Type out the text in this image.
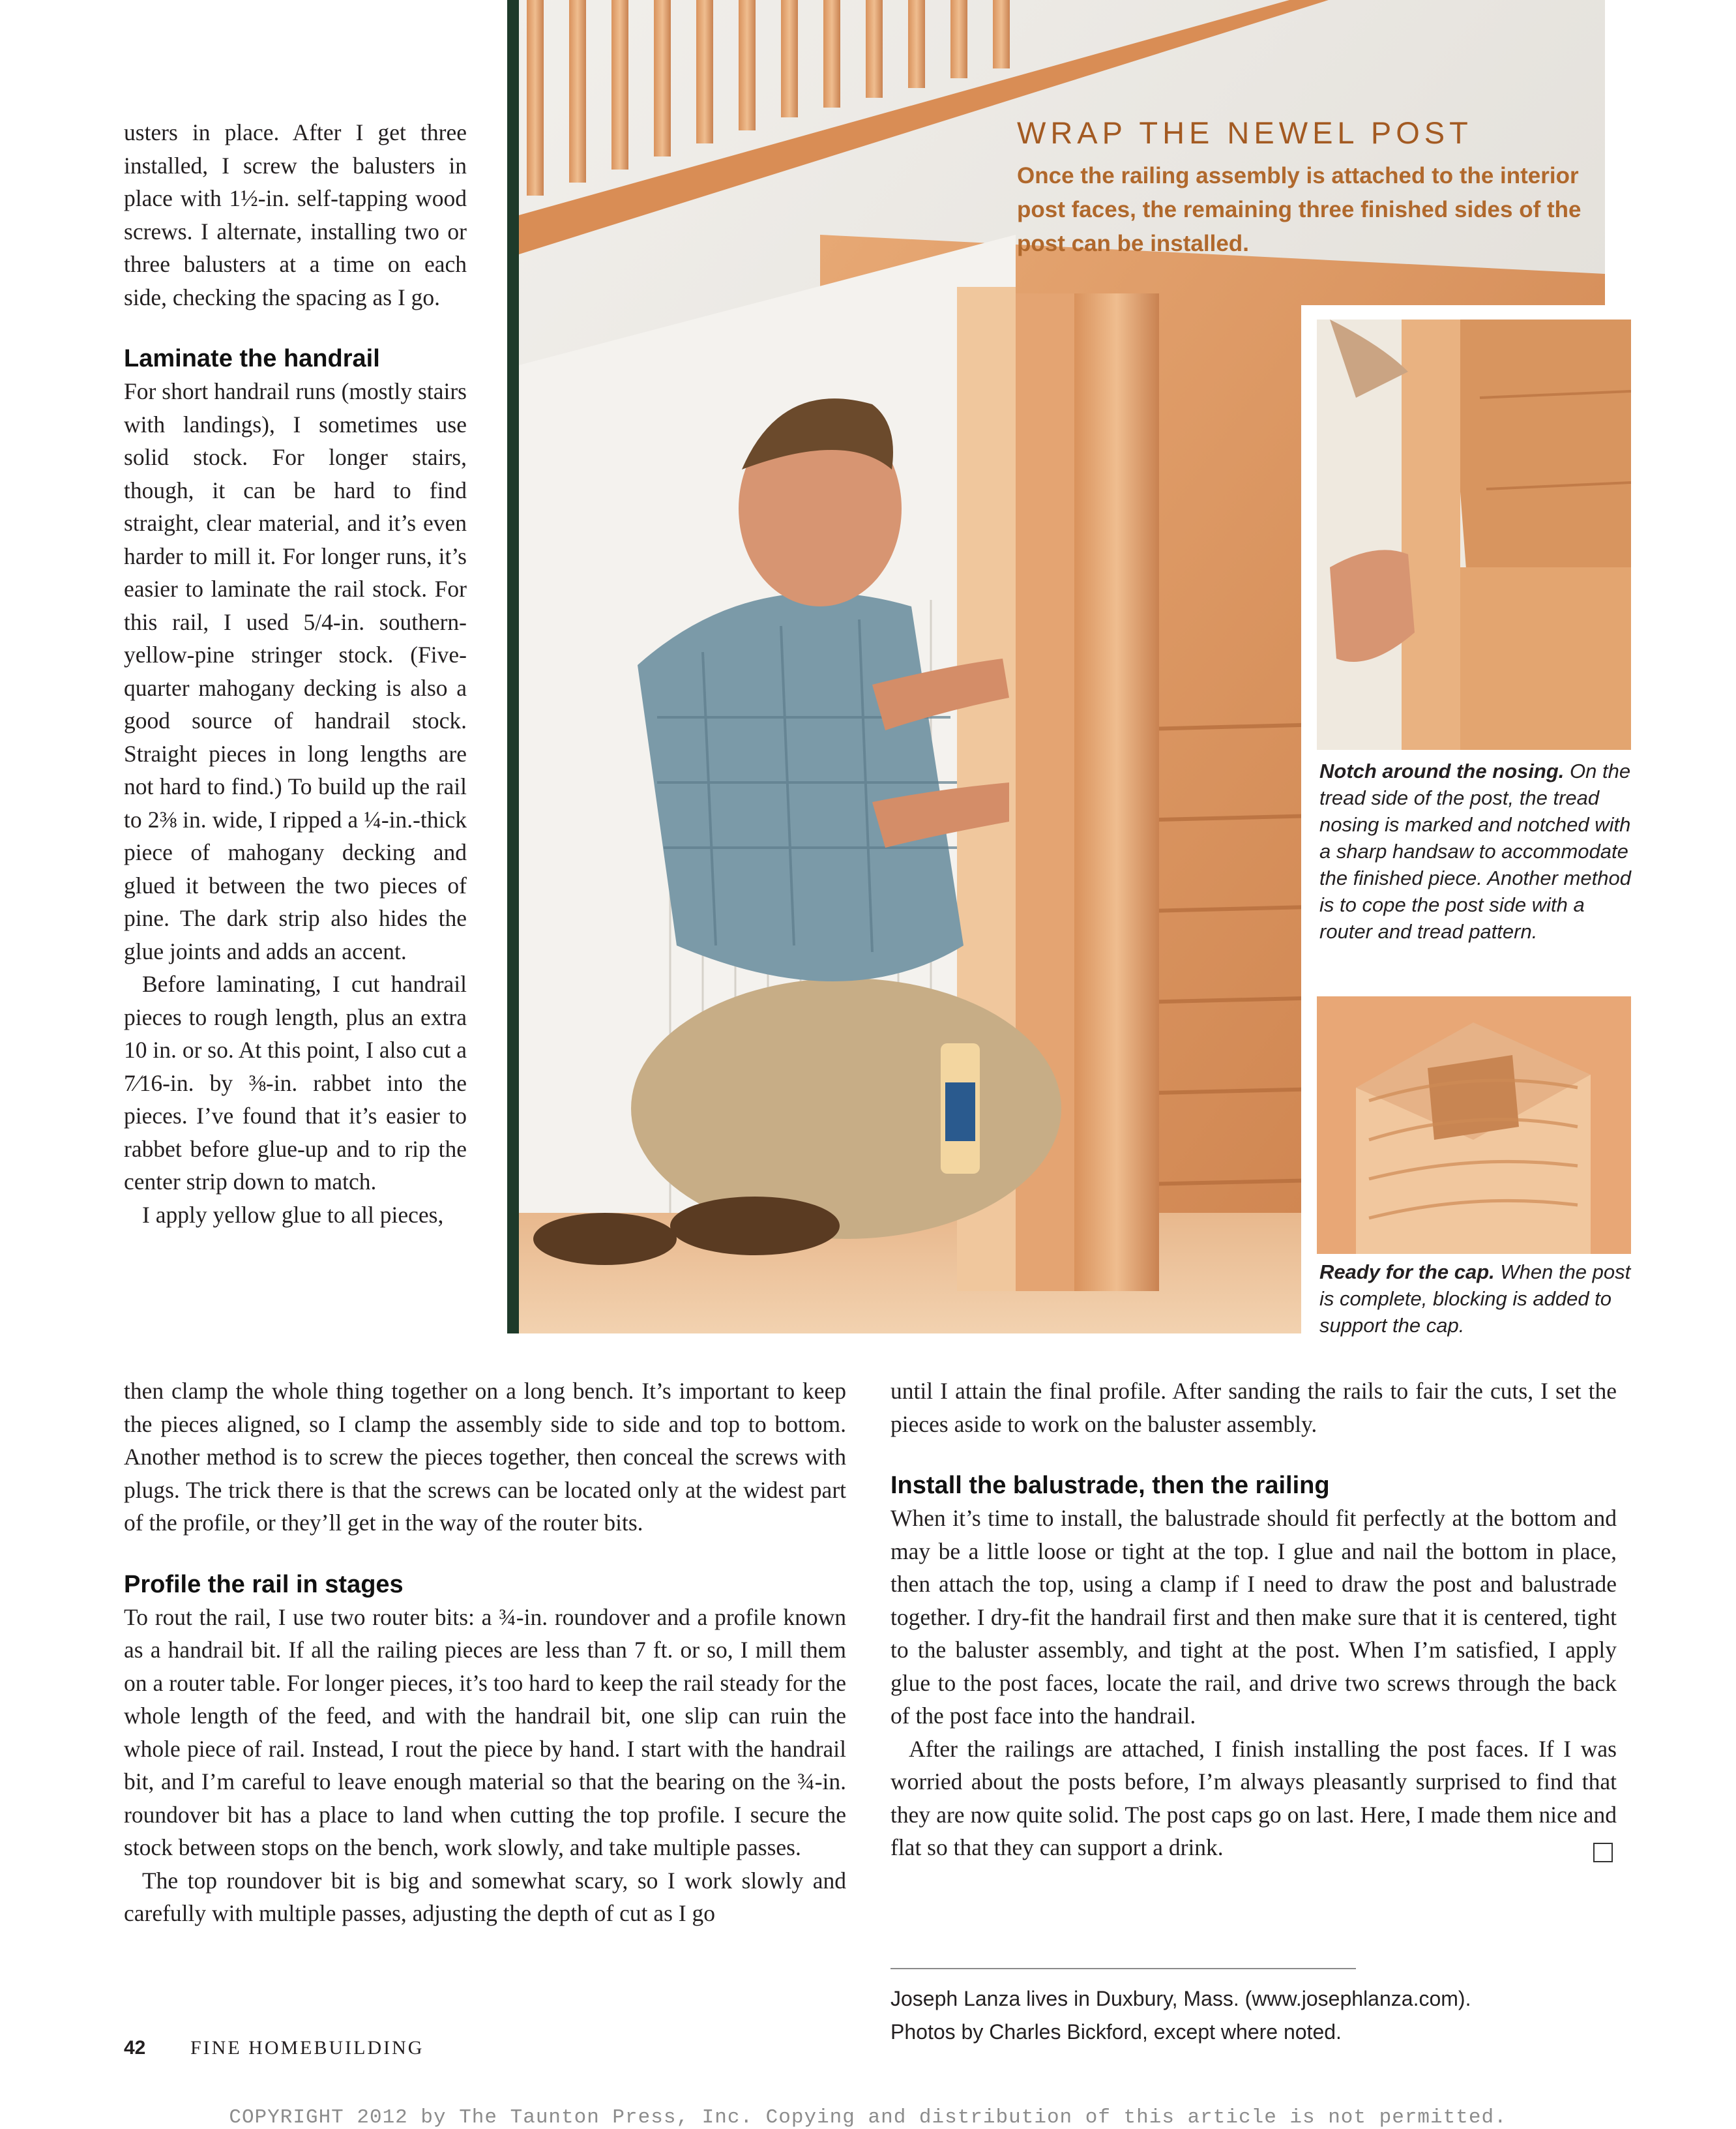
WRAP THE NEWEL POST
Once the railing assembly is attached to the interior post faces, the remaining three finished sides of the post can be installed.
Notch around the nosing. On the tread side of the post, the tread nosing is marked and notched with a sharp handsaw to accommodate the finished piece. Another method is to cope the post side with a router and tread pattern.
Ready for the cap. When the post is complete, blocking is added to support the cap.

usters in place. After I get three installed, I screw the balusters in place with 1½-in. self-tapping wood screws. I alternate, installing two or three balusters at a time on each side, checking the spacing as I go.

Laminate the handrail

For short handrail runs (mostly stairs with landings), I sometimes use solid stock. For longer stairs, though, it can be hard to find straight, clear material, and it’s even harder to mill it. For longer runs, it’s easier to laminate the rail stock. For this rail, I used 5/4-in. southern-yellow-pine stringer stock. (Five-quarter mahogany decking is also a good source of handrail stock. Straight pieces in long lengths are not hard to find.) To build up the rail to 2⅜ in. wide, I ripped a ¼-in.-thick piece of mahogany decking and glued it between the two pieces of pine. The dark strip also hides the glue joints and adds an accent.

Before laminating, I cut handrail pieces to rough length, plus an extra 10 in. or so. At this point, I also cut a 7⁄16-in. by ⅜-in. rabbet into the pieces. I’ve found that it’s easier to rabbet before glue-up and to rip the center strip down to match.

I apply yellow glue to all pieces,

then clamp the whole thing together on a long bench. It’s important to keep the pieces aligned, so I clamp the assembly side to side and top to bottom. Another method is to screw the pieces together, then conceal the screws with plugs. The trick there is that the screws can be located only at the widest part of the profile, or they’ll get in the way of the router bits.

Profile the rail in stages

To rout the rail, I use two router bits: a ¾-in. roundover and a profile known as a handrail bit. If all the railing pieces are less than 7 ft. or so, I mill them on a router table. For longer pieces, it’s too hard to keep the rail steady for the whole length of the feed, and with the handrail bit, one slip can ruin the whole piece of rail. Instead, I rout the piece by hand. I start with the handrail bit, and I’m careful to leave enough material so that the bearing on the ¾-in. roundover bit has a place to land when cutting the top profile. I secure the stock between stops on the bench, work slowly, and take multiple passes.

The top roundover bit is big and somewhat scary, so I work slowly and carefully with multiple passes, adjusting the depth of cut as I go

until I attain the final profile. After sanding the rails to fair the cuts, I set the pieces aside to work on the baluster assembly.

Install the balustrade, then the railing

When it’s time to install, the balustrade should fit perfectly at the bottom and may be a little loose or tight at the top. I glue and nail the bottom in place, then attach the top, using a clamp if I need to draw the post and balustrade together. I dry-fit the handrail first and then make sure that it is centered, tight to the baluster assembly, and tight at the post. When I’m satisfied, I apply glue to the post faces, locate the rail, and drive two screws through the back of the post face into the handrail.

After the railings are attached, I finish installing the post faces. If I was worried about the posts before, I’m always pleasantly surprised to find that they are now quite solid. The post caps go on last. Here, I made them nice and flat so that they can support a drink.

Joseph Lanza lives in Duxbury, Mass. (www.josephlanza.com).
Photos by Charles Bickford, except where noted.
42 FINE HOMEBUILDING
COPYRIGHT 2012 by The Taunton Press, Inc. Copying and distribution of this article is not permitted.
